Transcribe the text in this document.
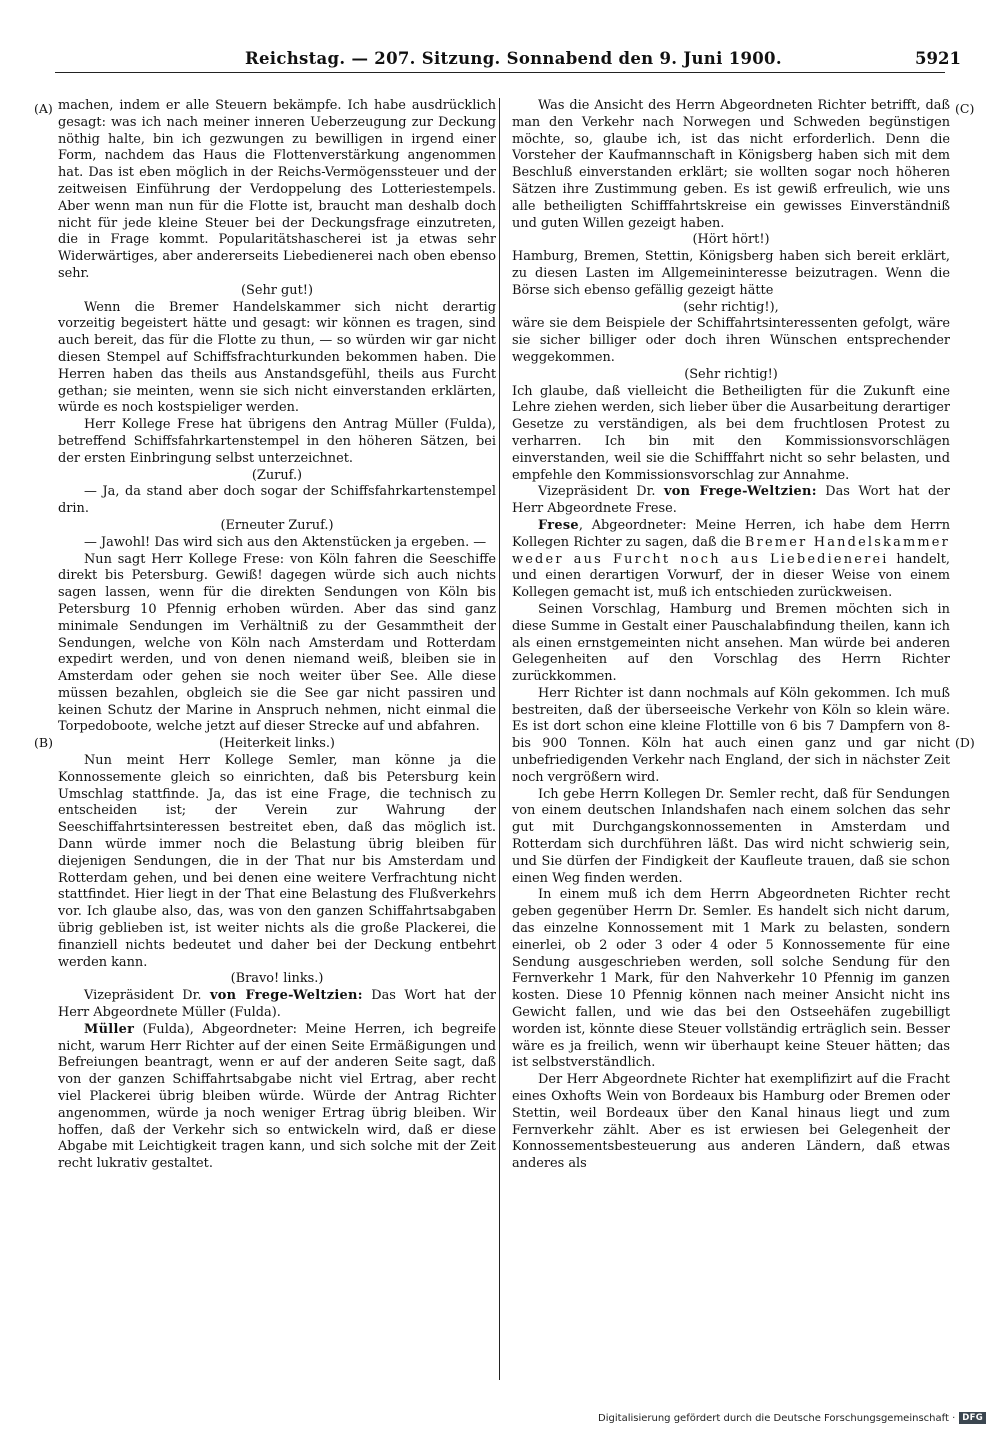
Reichstag. — 207. Sitzung. Sonnabend den 9. Juni 1900.	5921
(A)
(B)
(C)
(D)

machen, indem er alle Steuern bekämpfe. Ich habe ausdrücklich gesagt: was ich nach meiner inneren Ueberzeugung zur Deckung nöthig halte, bin ich gezwungen zu bewilligen in irgend einer Form, nachdem das Haus die Flottenverstärkung angenommen hat. Das ist eben möglich in der Reichs-Vermögenssteuer und der zeitweisen Einführung der Verdoppelung des Lotteriestempels. Aber wenn man nun für die Flotte ist, braucht man deshalb doch nicht für jede kleine Steuer bei der Deckungsfrage einzutreten, die in Frage kommt. Popularitätshascherei ist ja etwas sehr Widerwärtiges, aber andererseits Liebedienerei nach oben ebenso sehr.

(Sehr gut!)

Wenn die Bremer Handelskammer sich nicht derartig vorzeitig begeistert hätte und gesagt: wir können es tragen, sind auch bereit, das für die Flotte zu thun, — so würden wir gar nicht diesen Stempel auf Schiffsfrachturkunden bekommen haben. Die Herren haben das theils aus Anstandsgefühl, theils aus Furcht gethan; sie meinten, wenn sie sich nicht einverstanden erklärten, würde es noch kostspieliger werden.

Herr Kollege Frese hat übrigens den Antrag Müller (Fulda), betreffend Schiffsfahrkartenstempel in den höheren Sätzen, bei der ersten Einbringung selbst unterzeichnet.

(Zuruf.)

— Ja, da stand aber doch sogar der Schiffsfahrkartenstempel drin.

(Erneuter Zuruf.)

— Jawohl! Das wird sich aus den Aktenstücken ja ergeben. —

Nun sagt Herr Kollege Frese: von Köln fahren die Seeschiffe direkt bis Petersburg. Gewiß! dagegen würde sich auch nichts sagen lassen, wenn für die direkten Sendungen von Köln bis Petersburg 10 Pfennig erhoben würden. Aber das sind ganz minimale Sendungen im Verhältniß zu der Gesammtheit der Sendungen, welche von Köln nach Amsterdam und Rotterdam expedirt werden, und von denen niemand weiß, bleiben sie in Amsterdam oder gehen sie noch weiter über See. Alle diese müssen bezahlen, obgleich sie die See gar nicht passiren und keinen Schutz der Marine in Anspruch nehmen, nicht einmal die Torpedoboote, welche jetzt auf dieser Strecke auf und abfahren.

(Heiterkeit links.)

Nun meint Herr Kollege Semler, man könne ja die Konnossemente gleich so einrichten, daß bis Petersburg kein Umschlag stattfinde. Ja, das ist eine Frage, die technisch zu entscheiden ist; der Verein zur Wahrung der Seeschiffahrtsinteressen bestreitet eben, daß das möglich ist. Dann würde immer noch die Belastung übrig bleiben für diejenigen Sendungen, die in der That nur bis Amsterdam und Rotterdam gehen, und bei denen eine weitere Verfrachtung nicht stattfindet. Hier liegt in der That eine Belastung des Flußverkehrs vor. Ich glaube also, das, was von den ganzen Schiffahrtsabgaben übrig geblieben ist, ist weiter nichts als die große Plackerei, die finanziell nichts bedeutet und daher bei der Deckung entbehrt werden kann.

(Bravo! links.)

Vizepräsident Dr. von Frege-Weltzien: Das Wort hat der Herr Abgeordnete Müller (Fulda).

Müller (Fulda), Abgeordneter: Meine Herren, ich begreife nicht, warum Herr Richter auf der einen Seite Ermäßigungen und Befreiungen beantragt, wenn er auf der anderen Seite sagt, daß von der ganzen Schiffahrtsabgabe nicht viel Ertrag, aber recht viel Plackerei übrig bleiben würde. Würde der Antrag Richter angenommen, würde ja noch weniger Ertrag übrig bleiben. Wir hoffen, daß der Verkehr sich so entwickeln wird, daß er diese Abgabe mit Leichtigkeit tragen kann, und sich solche mit der Zeit recht lukrativ gestaltet.

Was die Ansicht des Herrn Abgeordneten Richter betrifft, daß man den Verkehr nach Norwegen und Schweden begünstigen möchte, so, glaube ich, ist das nicht erforderlich. Denn die Vorsteher der Kaufmannschaft in Königsberg haben sich mit dem Beschluß einverstanden erklärt; sie wollten sogar noch höheren Sätzen ihre Zustimmung geben. Es ist gewiß erfreulich, wie uns alle betheiligten Schifffahrtskreise ein gewisses Einverständniß und guten Willen gezeigt haben.

(Hört hört!)

Hamburg, Bremen, Stettin, Königsberg haben sich bereit erklärt, zu diesen Lasten im Allgemeininteresse beizutragen. Wenn die Börse sich ebenso gefällig gezeigt hätte

(sehr richtig!),

wäre sie dem Beispiele der Schiffahrtsinteressenten gefolgt, wäre sie sicher billiger oder doch ihren Wünschen entsprechender weggekommen.

(Sehr richtig!)

Ich glaube, daß vielleicht die Betheiligten für die Zukunft eine Lehre ziehen werden, sich lieber über die Ausarbeitung derartiger Gesetze zu verständigen, als bei dem fruchtlosen Protest zu verharren. Ich bin mit den Kommissionsvorschlägen einverstanden, weil sie die Schifffahrt nicht so sehr belasten, und empfehle den Kommissionsvorschlag zur Annahme.

Vizepräsident Dr. von Frege-Weltzien: Das Wort hat der Herr Abgeordnete Frese.

Frese, Abgeordneter: Meine Herren, ich habe dem Herrn Kollegen Richter zu sagen, daß die Bremer Handelskammer weder aus Furcht noch aus Liebedienerei handelt, und einen derartigen Vorwurf, der in dieser Weise von einem Kollegen gemacht ist, muß ich entschieden zurückweisen.

Seinen Vorschlag, Hamburg und Bremen möchten sich in diese Summe in Gestalt einer Pauschalabfindung theilen, kann ich als einen ernstgemeinten nicht ansehen. Man würde bei anderen Gelegenheiten auf den Vorschlag des Herrn Richter zurückkommen.

Herr Richter ist dann nochmals auf Köln gekommen. Ich muß bestreiten, daß der überseeische Verkehr von Köln so klein wäre. Es ist dort schon eine kleine Flottille von 6 bis 7 Dampfern von 8- bis 900 Tonnen. Köln hat auch einen ganz und gar nicht unbefriedigenden Verkehr nach England, der sich in nächster Zeit noch vergrößern wird.

Ich gebe Herrn Kollegen Dr. Semler recht, daß für Sendungen von einem deutschen Inlandshafen nach einem solchen das sehr gut mit Durchgangskonnossementen in Amsterdam und Rotterdam sich durchführen läßt. Das wird nicht schwierig sein, und Sie dürfen der Findigkeit der Kaufleute trauen, daß sie schon einen Weg finden werden.

In einem muß ich dem Herrn Abgeordneten Richter recht geben gegenüber Herrn Dr. Semler. Es handelt sich nicht darum, das einzelne Konnossement mit 1 Mark zu belasten, sondern einerlei, ob 2 oder 3 oder 4 oder 5 Konnossemente für eine Sendung ausgeschrieben werden, soll solche Sendung für den Fernverkehr 1 Mark, für den Nahverkehr 10 Pfennig im ganzen kosten. Diese 10 Pfennig können nach meiner Ansicht nicht ins Gewicht fallen, und wie das bei den Ostseehäfen zugebilligt worden ist, könnte diese Steuer vollständig erträglich sein. Besser wäre es ja freilich, wenn wir überhaupt keine Steuer hätten; das ist selbstverständlich.

Der Herr Abgeordnete Richter hat exemplifizirt auf die Fracht eines Oxhofts Wein von Bordeaux bis Hamburg oder Bremen oder Stettin, weil Bordeaux über den Kanal hinaus liegt und zum Fernverkehr zählt. Aber es ist erwiesen bei Gelegenheit der Konnossementsbesteuerung aus anderen Ländern, daß etwas anderes als

Digitalisierung gefördert durch die Deutsche Forschungsgemeinschaft · DFG
